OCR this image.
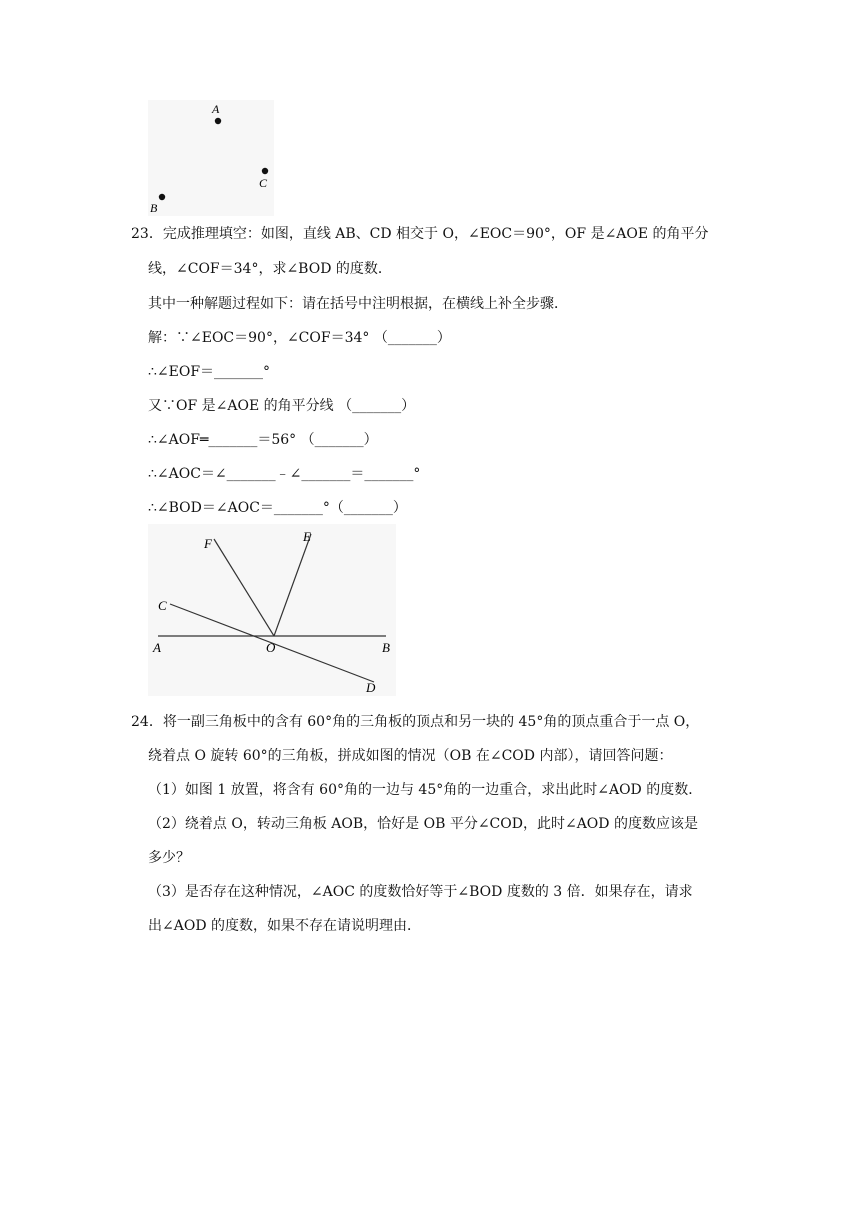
A
C
B
23．完成推理填空：如图，直线 AB、CD 相交于 O，∠EOC＝90°，OF 是∠AOE 的角平分
线，∠COF＝34°，求∠BOD 的度数．
其中一种解题过程如下：请在括号中注明根据，在横线上补全步骤．
解：∵∠EOC＝90°，∠COF＝34° （_______）
∴∠EOF＝_______°
又∵OF 是∠AOE 的角平分线 （_______）
∴∠AOF═_______＝56° （_______）
∴∠AOC＝∠_______﹣∠_______＝_______°
∴∠BOD＝∠AOC＝_______°（_______）
F	E
C
A	O	B
D
24．将一副三角板中的含有 60°角的三角板的顶点和另一块的 45°角的顶点重合于一点 O，
绕着点 O 旋转 60°的三角板，拼成如图的情况（OB 在∠COD 内部），请回答问题：
（1）如图 1 放置，将含有 60°角的一边与 45°角的一边重合，求出此时∠AOD 的度数．
（2）绕着点 O，转动三角板 AOB，恰好是 OB 平分∠COD，此时∠AOD 的度数应该是
多少？
（3）是否存在这种情况，∠AOC 的度数恰好等于∠BOD 度数的 3 倍．如果存在，请求
出∠AOD 的度数，如果不存在请说明理由．
